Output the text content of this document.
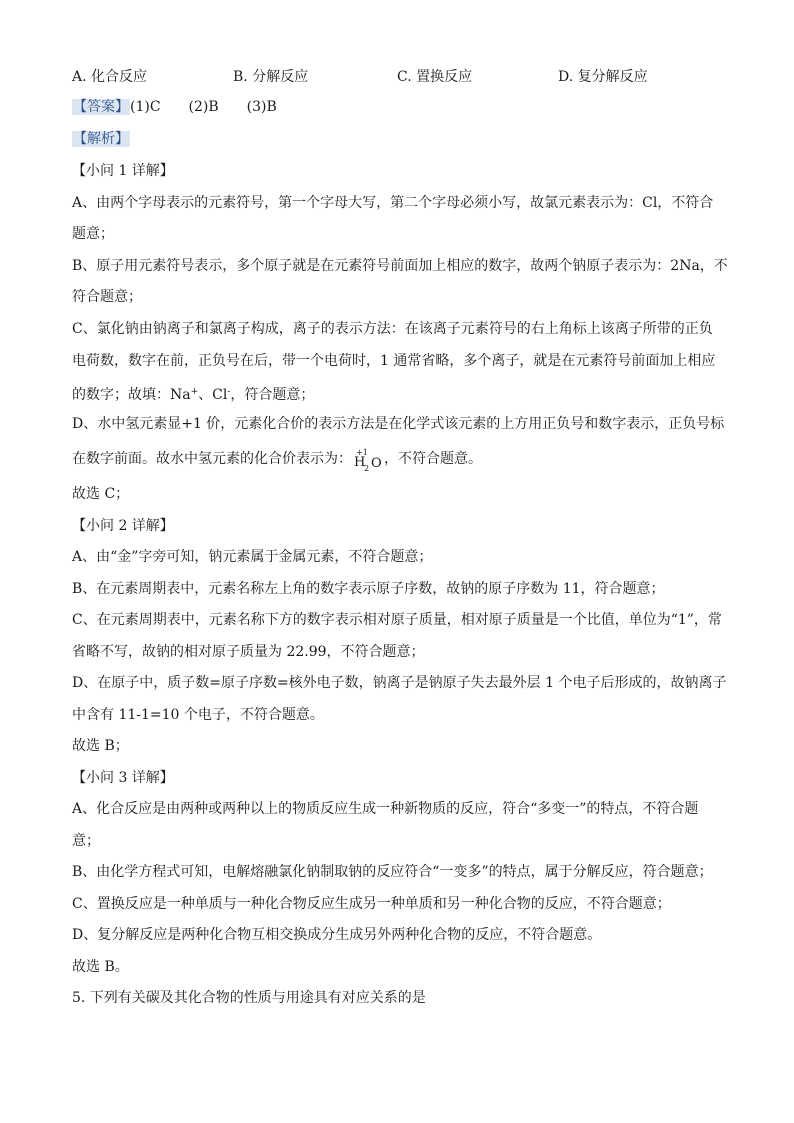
A. 化合反应	B. 分解反应	C. 置换反应	D. 复分解反应
【答案】(1)C　　(2)B　　(3)B
【解析】
【小问 1 详解】
A、由两个字母表示的元素符号，第一个字母大写，第二个字母必须小写，故氯元素表示为：Cl，不符合
题意；
B、原子用元素符号表示，多个原子就是在元素符号前面加上相应的数字，故两个钠原子表示为：2Na，不
符合题意；
C、氯化钠由钠离子和氯离子构成，离子的表示方法：在该离子元素符号的右上角标上该离子所带的正负
电荷数，数字在前，正负号在后，带一个电荷时，1 通常省略，多个离子，就是在元素符号前面加上相应
的数字；故填：Na+、Cl-，符合题意；
D、水中氢元素显+1 价，元素化合价的表示方法是在化学式该元素的上方用正负号和数字表示，正负号标
在数字前面。故水中氢元素的化合价表示为： +1
H
2 O ，不符合题意。
故选 C；
【小问 2 详解】
A、由“金”字旁可知，钠元素属于金属元素，不符合题意；
B、在元素周期表中，元素名称左上角的数字表示原子序数，故钠的原子序数为 11，符合题意；
C、在元素周期表中，元素名称下方的数字表示相对原子质量，相对原子质量是一个比值，单位为“1”，常
省略不写，故钠的相对原子质量为 22.99，不符合题意；
D、在原子中，质子数=原子序数=核外电子数，钠离子是钠原子失去最外层 1 个电子后形成的，故钠离子
中含有 11-1=10 个电子，不符合题意。
故选 B；
【小问 3 详解】
A、化合反应是由两种或两种以上的物质反应生成一种新物质的反应，符合“多变一”的特点，不符合题
意；
B、由化学方程式可知，电解熔融氯化钠制取钠的反应符合“一变多”的特点，属于分解反应，符合题意；
C、置换反应是一种单质与一种化合物反应生成另一种单质和另一种化合物的反应，不符合题意；
D、复分解反应是两种化合物互相交换成分生成另外两种化合物的反应，不符合题意。
故选 B。
5. 下列有关碳及其化合物的性质与用途具有对应关系的是
